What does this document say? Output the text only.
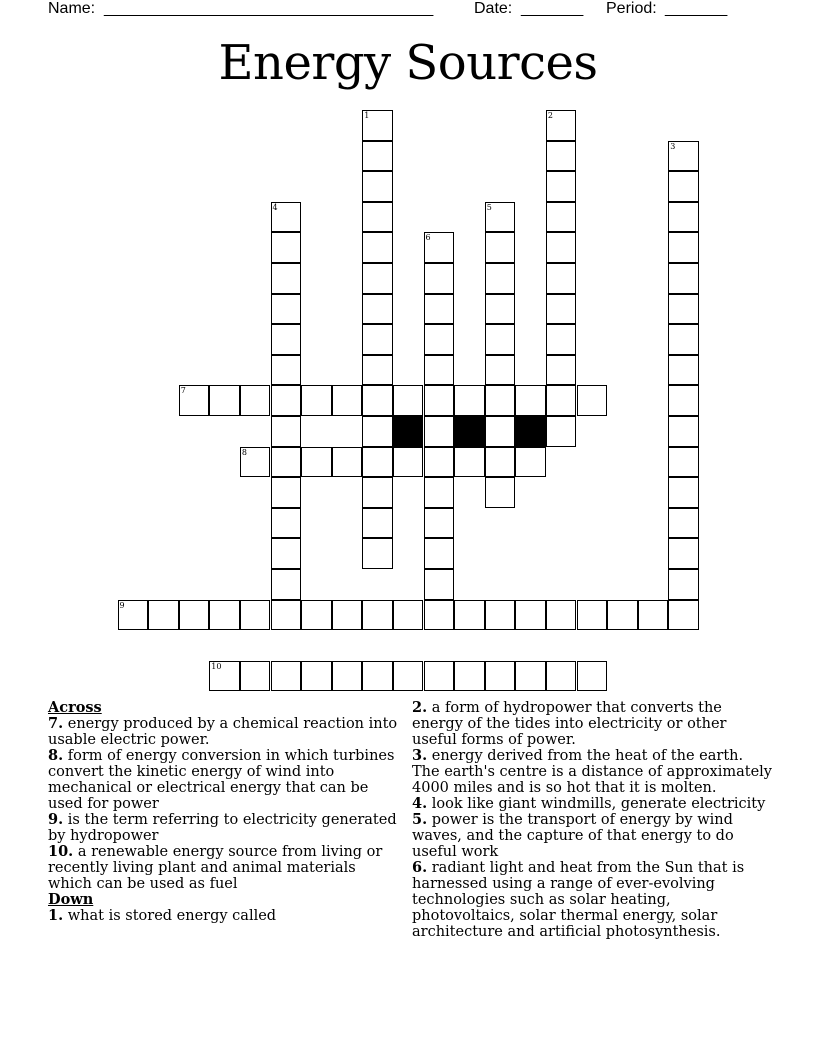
Name: _____________________________________	Date: _______ Period: _______
Energy Sources
1	2
3
4	5
6
7
8
9
10

Across

7. energy produced by a chemical reaction into usable electric power.

8. form of energy conversion in which turbines convert the kinetic energy of wind into mechanical or electrical energy that can be used for power

9. is the term referring to electricity generated by hydropower

10. a renewable energy source from living or recently living plant and animal materials which can be used as fuel

Down

1. what is stored energy called

2. a form of hydropower that converts the energy of the tides into electricity or other useful forms of power.

3. energy derived from the heat of the earth. The earth's centre is a distance of approximately 4000 miles and is so hot that it is molten.

4. look like giant windmills, generate electricity

5. power is the transport of energy by wind waves, and the capture of that energy to do useful work

6. radiant light and heat from the Sun that is harnessed using a range of ever-evolving technologies such as solar heating, photovoltaics, solar thermal energy, solar architecture and artificial photosynthesis.
